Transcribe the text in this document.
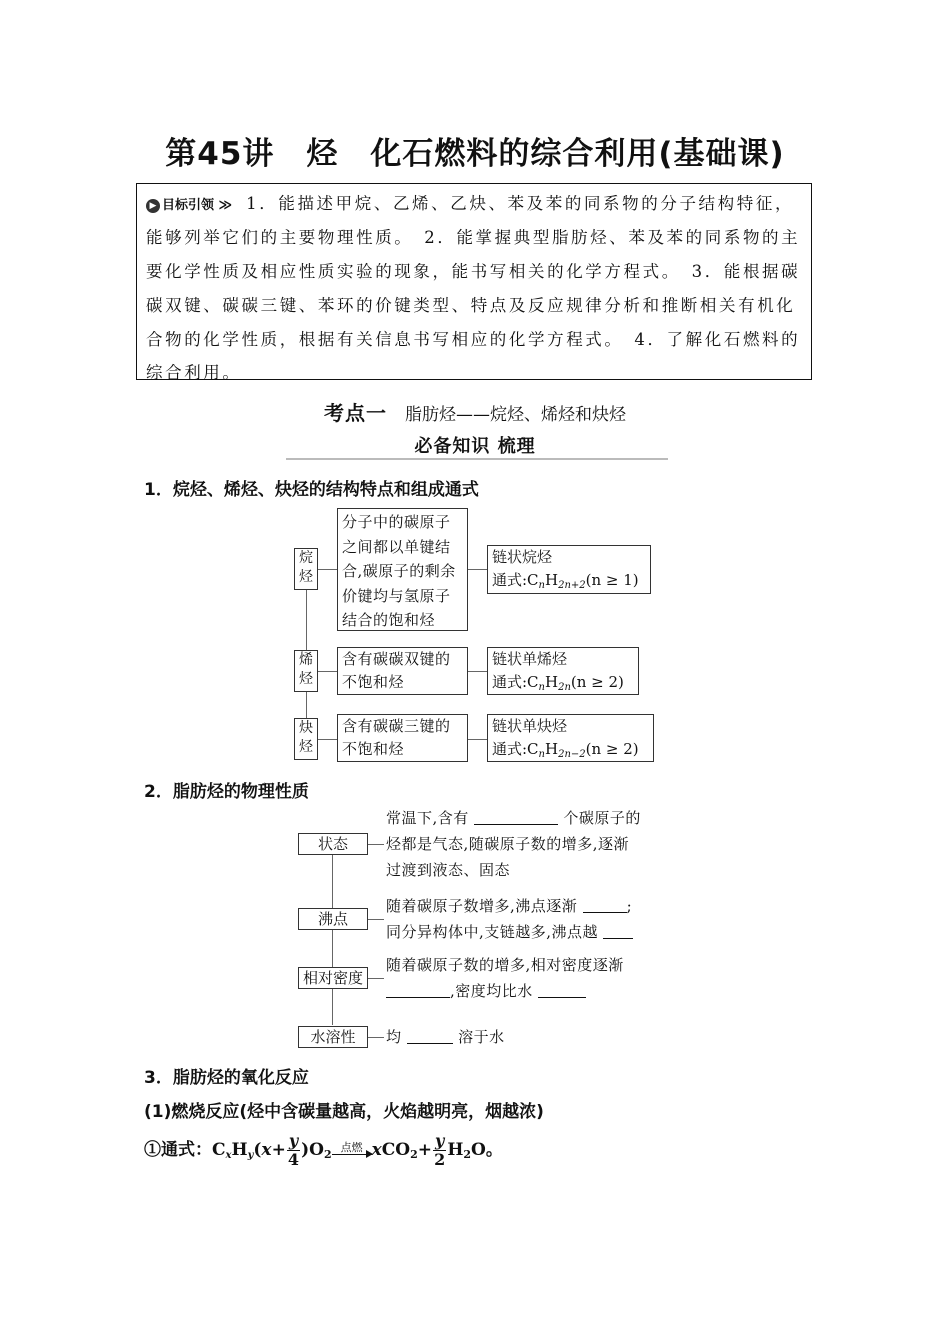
第45讲　烃　化石燃料的综合利用(基础课)
▶ 目标引领 ≫ 1．能描述甲烷、乙烯、乙炔、苯及苯的同系物的分子结构特征，
能够列举它们的主要物理性质。　2．能掌握典型脂肪烃、苯及苯的同系物的主
要化学性质及相应性质实验的现象，能书写相关的化学方程式。　3．能根据碳
碳双键、碳碳三键、苯环的价键类型、特点及反应规律分析和推断相关有机化
合物的化学性质，根据有关信息书写相应的化学方程式。　4．了解化石燃料的
综合利用。
考点一 脂肪烃——烷烃、烯烃和炔烃
必备知识 梳理
1．烷烃、烯烃、炔烃的结构特点和组成通式
烷烃
分子中的碳原子
之间都以单键结
合,碳原子的剩余
价键均与氢原子
结合的饱和烃
链状烷烃
通式$:C_nH_{2n+2}(n \ge 1)$
烯烃
含有碳碳双键的
不饱和烃
链状单烯烃
通式$:C_nH_{2n}(n \ge 2)$
炔烃
含有碳碳三键的
不饱和烃
链状单炔烃
通式$:C_nH_{2n-2}(n \ge 2)$
2．脂肪烃的物理性质
状态
常温下,含有	个碳原子的
烃都是气态,随碳原子数的增多,逐渐
过渡到液态、固态
沸点
随着碳原子数增多,沸点逐渐	;
同分异构体中,支链越多,沸点越
相对密度
随着碳原子数的增多,相对密度逐渐
,密度均比水
水溶性	均	溶于水
3．脂肪烃的氧化反应
(1)燃烧反应(烃中含碳量越高，火焰越明亮，烟越浓)
①通式：$C_xH_y(x+ \frac{y}{4} )O2$
点燃 $xCO2+ \frac{y}{2} H2O$。
